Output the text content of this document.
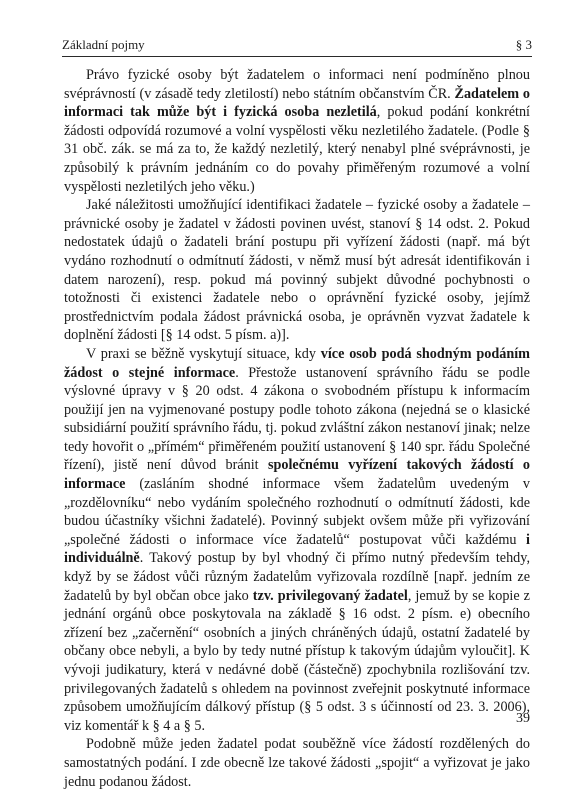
Základní pojmy	§ 3

Právo fyzické osoby být žadatelem o informaci není podmíněno plnou svéprávností (v zásadě tedy zletilostí) nebo státním občanstvím ČR. Žadatelem o informaci tak může být i fyzická osoba nezletilá, pokud podání konkrétní žádosti odpovídá rozumové a volní vyspělosti věku nezletilého žadatele. (Podle § 31 obč. zák. se má za to, že každý nezletilý, který nenabyl plné svéprávnosti, je způsobilý k právním jednáním co do povahy přiměřeným rozumové a volní vyspělosti nezletilých jeho věku.)

Jaké náležitosti umožňující identifikaci žadatele – fyzické osoby a žadatele – právnické osoby je žadatel v žádosti povinen uvést, stanoví § 14 odst. 2. Pokud nedostatek údajů o žadateli brání postupu při vyřízení žádosti (např. má být vydáno rozhodnutí o odmítnutí žádosti, v němž musí být adresát identifikován i datem narození), resp. pokud má povinný subjekt důvodné pochybnosti o totožnosti či existenci žadatele nebo o oprávnění fyzické osoby, jejímž prostřednictvím podala žádost právnická osoba, je oprávněn vyzvat žadatele k doplnění žádosti [§ 14 odst. 5 písm. a)].

V praxi se běžně vyskytují situace, kdy více osob podá shodným podáním žádost o stejné informace. Přestože ustanovení správního řádu se podle výslovné úpravy v § 20 odst. 4 zákona o svobodném přístupu k informacím použijí jen na vyjmenované postupy podle tohoto zákona (nejedná se o klasické subsidiární použití správního řádu, tj. pokud zvláštní zákon nestanoví jinak; nelze tedy hovořit o „přímém“ přiměřeném použití ustanovení § 140 spr. řádu Společné řízení), jistě není důvod bránit společnému vyřízení takových žádostí o informace (zasláním shodné informace všem žadatelům uvedeným v „rozdělovníku“ nebo vydáním společného rozhodnutí o odmítnutí žádosti, kde budou účastníky všichni žadatelé). Povinný subjekt ovšem může při vyřizování „společné žádosti o informace více žadatelů“ postupovat vůči každému i individuálně. Takový postup by byl vhodný či přímo nutný především tehdy, když by se žádost vůči různým žadatelům vyřizovala rozdílně [např. jedním ze žadatelů by byl občan obce jako tzv. privilegovaný žadatel, jemuž by se kopie z jednání orgánů obce poskytovala na základě § 16 odst. 2 písm. e) obecního zřízení bez „začernění“ osobních a jiných chráněných údajů, ostatní žadatelé by občany obce nebyli, a bylo by tedy nutné přístup k takovým údajům vyloučit]. K vývoji judikatury, která v nedávné době (částečně) zpochybnila rozlišování tzv. privilegovaných žadatelů s ohledem na povinnost zveřejnit poskytnuté informace způsobem umožňujícím dálkový přístup (§ 5 odst. 3 s účinností od 23. 3. 2006), viz komentář k § 4 a § 5.

Podobně může jeden žadatel podat souběžně více žádostí rozdělených do samostatných podání. I zde obecně lze takové žádosti „spojit“ a vyřizovat je jako jednu podanou žádost.

39
